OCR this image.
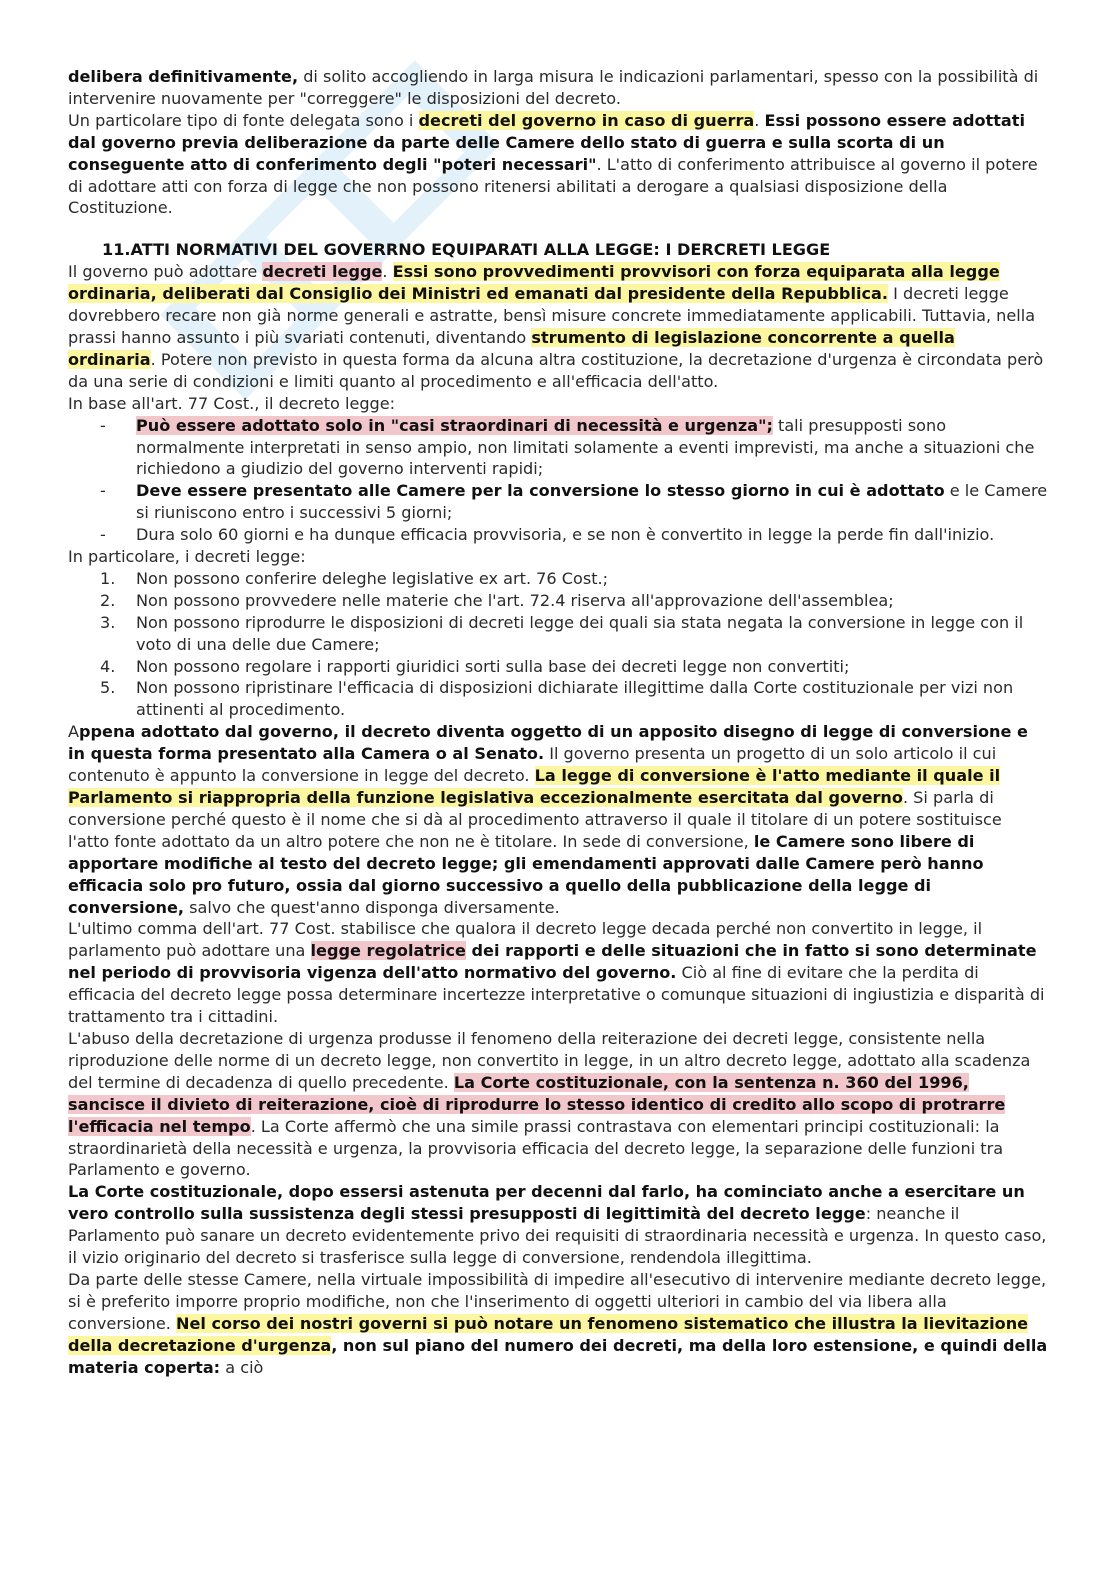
delibera definitivamente, di solito accogliendo in larga misura le indicazioni parlamentari, spesso con la possibilità di intervenire nuovamente per "correggere" le disposizioni del decreto.

Un particolare tipo di fonte delegata sono i decreti del governo in caso di guerra. Essi possono essere adottati dal governo previa deliberazione da parte delle Camere dello stato di guerra e sulla scorta di un conseguente atto di conferimento degli "poteri necessari". L'atto di conferimento attribuisce al governo il potere di adottare atti con forza di legge che non possono ritenersi abilitati a derogare a qualsiasi disposizione della Costituzione.

11.ATTI NORMATIVI DEL GOVERRNO EQUIPARATI ALLA LEGGE: I DERCRETI LEGGE

Il governo può adottare decreti legge. Essi sono provvedimenti provvisori con forza equiparata alla legge ordinaria, deliberati dal Consiglio dei Ministri ed emanati dal presidente della Repubblica. I decreti legge dovrebbero recare non già norme generali e astratte, bensì misure concrete immediatamente applicabili. Tuttavia, nella prassi hanno assunto i più svariati contenuti, diventando strumento di legislazione concorrente a quella ordinaria. Potere non previsto in questa forma da alcuna altra costituzione, la decretazione d'urgenza è circondata però da una serie di condizioni e limiti quanto al procedimento e all'efficacia dell'atto.

In base all'art. 77 Cost., il decreto legge:

- Può essere adottato solo in "casi straordinari di necessità e urgenza"; tali presupposti sono normalmente interpretati in senso ampio, non limitati solamente a eventi imprevisti, ma anche a situazioni che richiedono a giudizio del governo interventi rapidi;
- Deve essere presentato alle Camere per la conversione lo stesso giorno in cui è adottato e le Camere si riuniscono entro i successivi 5 giorni;
- Dura solo 60 giorni e ha dunque efficacia provvisoria, e se non è convertito in legge la perde fin dall'inizio.

In particolare, i decreti legge:

1. Non possono conferire deleghe legislative ex art. 76 Cost.;
2. Non possono provvedere nelle materie che l'art. 72.4 riserva all'approvazione dell'assemblea;
3. Non possono riprodurre le disposizioni di decreti legge dei quali sia stata negata la conversione in legge con il voto di una delle due Camere;
4. Non possono regolare i rapporti giuridici sorti sulla base dei decreti legge non convertiti;
5. Non possono ripristinare l'efficacia di disposizioni dichiarate illegittime dalla Corte costituzionale per vizi non attinenti al procedimento.

Appena adottato dal governo, il decreto diventa oggetto di un apposito disegno di legge di conversione e in questa forma presentato alla Camera o al Senato. Il governo presenta un progetto di un solo articolo il cui contenuto è appunto la conversione in legge del decreto. La legge di conversione è l'atto mediante il quale il Parlamento si riappropria della funzione legislativa eccezionalmente esercitata dal governo. Si parla di conversione perché questo è il nome che si dà al procedimento attraverso il quale il titolare di un potere sostituisce l'atto fonte adottato da un altro potere che non ne è titolare. In sede di conversione, le Camere sono libere di apportare modifiche al testo del decreto legge; gli emendamenti approvati dalle Camere però hanno efficacia solo pro futuro, ossia dal giorno successivo a quello della pubblicazione della legge di conversione, salvo che quest'anno disponga diversamente.

L'ultimo comma dell'art. 77 Cost. stabilisce che qualora il decreto legge decada perché non convertito in legge, il parlamento può adottare una legge regolatrice dei rapporti e delle situazioni che in fatto si sono determinate nel periodo di provvisoria vigenza dell'atto normativo del governo. Ciò al fine di evitare che la perdita di efficacia del decreto legge possa determinare incertezze interpretative o comunque situazioni di ingiustizia e disparità di trattamento tra i cittadini.

L'abuso della decretazione di urgenza produsse il fenomeno della reiterazione dei decreti legge, consistente nella riproduzione delle norme di un decreto legge, non convertito in legge, in un altro decreto legge, adottato alla scadenza del termine di decadenza di quello precedente. La Corte costituzionale, con la sentenza n. 360 del 1996, sancisce il divieto di reiterazione, cioè di riprodurre lo stesso identico di credito allo scopo di protrarre l'efficacia nel tempo. La Corte affermò che una simile prassi contrastava con elementari principi costituzionali: la straordinarietà della necessità e urgenza, la provvisoria efficacia del decreto legge, la separazione delle funzioni tra Parlamento e governo.

La Corte costituzionale, dopo essersi astenuta per decenni dal farlo, ha cominciato anche a esercitare un vero controllo sulla sussistenza degli stessi presupposti di legittimità del decreto legge: neanche il Parlamento può sanare un decreto evidentemente privo dei requisiti di straordinaria necessità e urgenza. In questo caso, il vizio originario del decreto si trasferisce sulla legge di conversione, rendendola illegittima.

Da parte delle stesse Camere, nella virtuale impossibilità di impedire all'esecutivo di intervenire mediante decreto legge, si è preferito imporre proprio modifiche, non che l'inserimento di oggetti ulteriori in cambio del via libera alla conversione. Nel corso dei nostri governi si può notare un fenomeno sistematico che illustra la lievitazione della decretazione d'urgenza, non sul piano del numero dei decreti, ma della loro estensione, e quindi della materia coperta: a ciò
